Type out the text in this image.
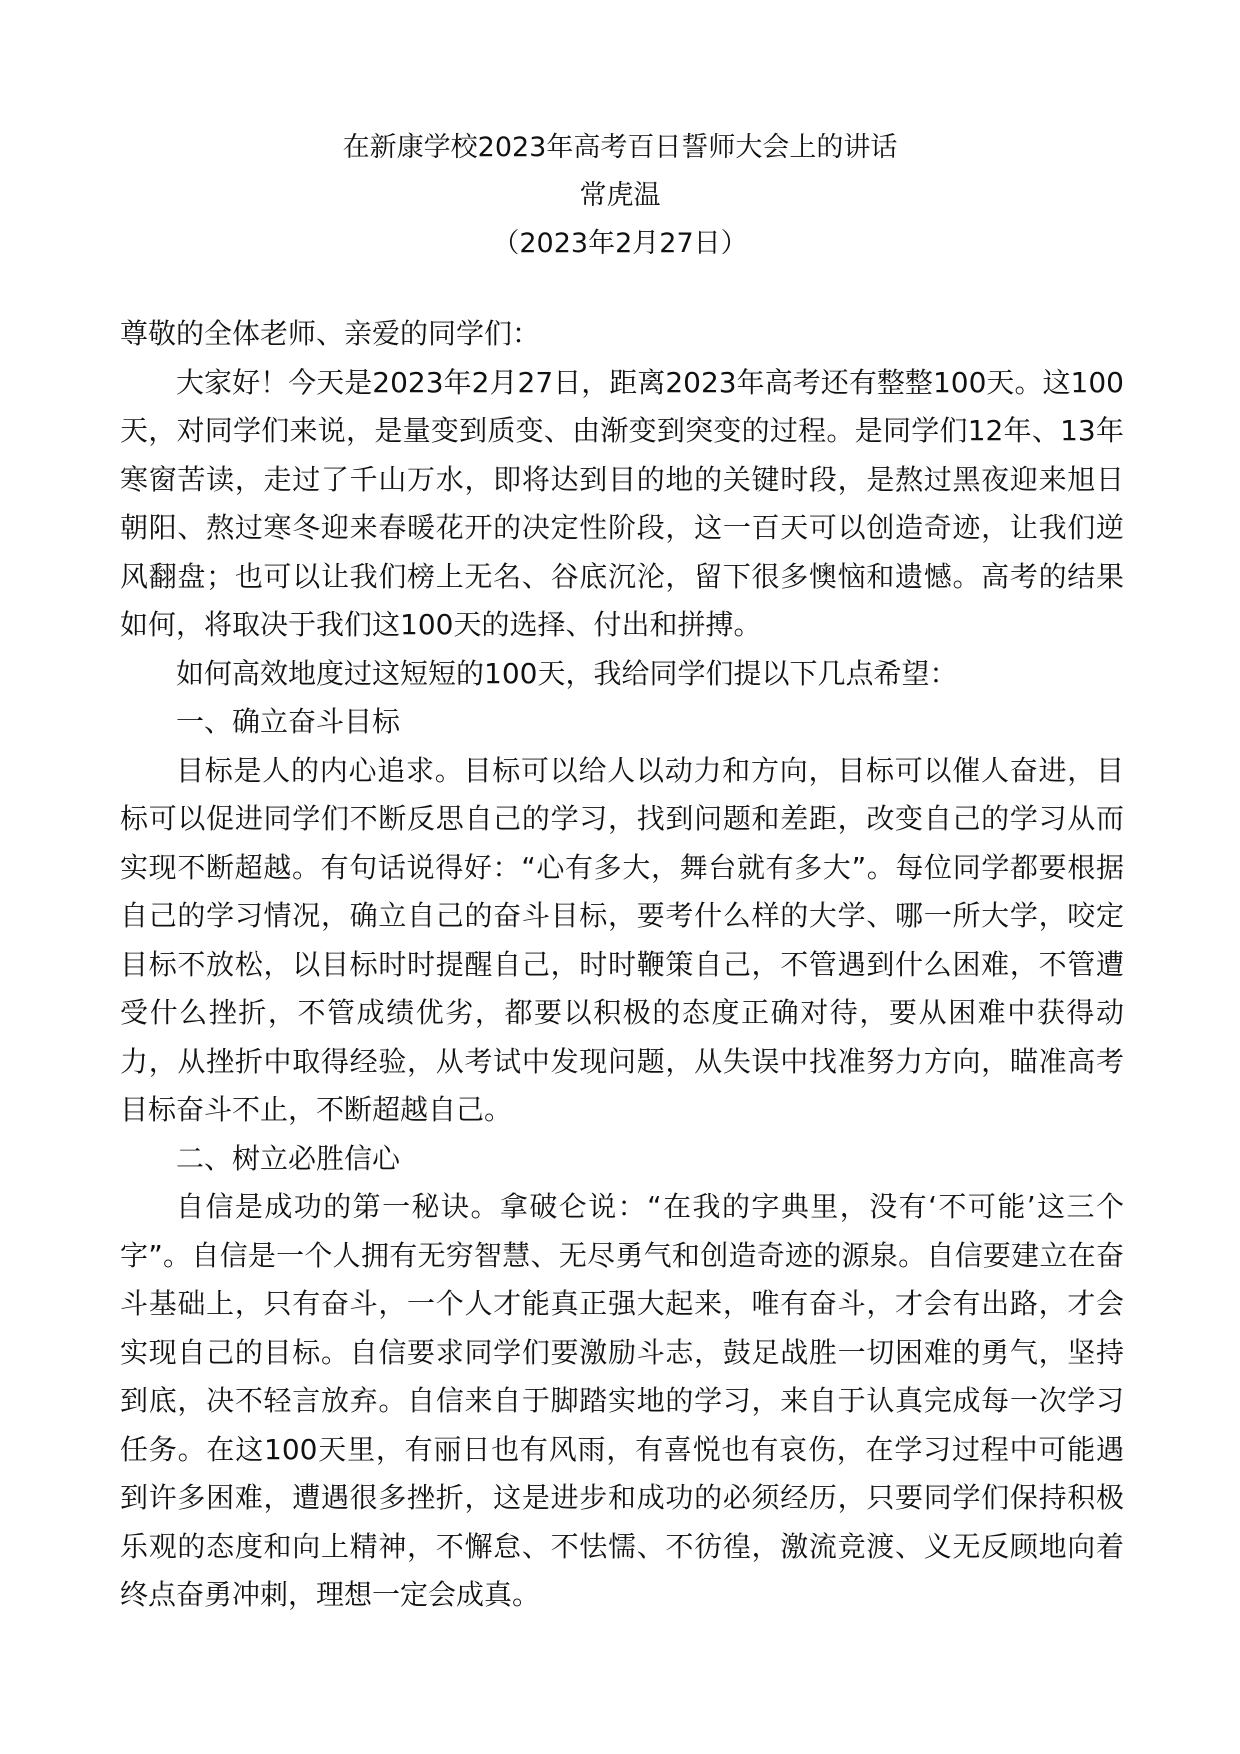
在新康学校2023年高考百日誓师大会上的讲话
常虎温
（2023年2月27日）

尊敬的全体老师、亲爱的同学们：

大家好！今天是2023年2月27日，距离2023年高考还有整整100天。这100天，对同学们来说，是量变到质变、由渐变到突变的过程。是同学们12年、13年寒窗苦读，走过了千山万水，即将达到目的地的关键时段，是熬过黑夜迎来旭日朝阳、熬过寒冬迎来春暖花开的决定性阶段，这一百天可以创造奇迹，让我们逆风翻盘；也可以让我们榜上无名、谷底沉沦，留下很多懊恼和遗憾。高考的结果如何，将取决于我们这100天的选择、付出和拼搏。

如何高效地度过这短短的100天，我给同学们提以下几点希望：

一、确立奋斗目标

目标是人的内心追求。目标可以给人以动力和方向，目标可以催人奋进，目标可以促进同学们不断反思自己的学习，找到问题和差距，改变自己的学习从而实现不断超越。有句话说得好：“心有多大，舞台就有多大”。每位同学都要根据自己的学习情况，确立自己的奋斗目标，要考什么样的大学、哪一所大学，咬定目标不放松，以目标时时提醒自己，时时鞭策自己，不管遇到什么困难，不管遭受什么挫折，不管成绩优劣，都要以积极的态度正确对待，要从困难中获得动力，从挫折中取得经验，从考试中发现问题，从失误中找准努力方向，瞄准高考目标奋斗不止，不断超越自己。

二、树立必胜信心

自信是成功的第一秘诀。拿破仑说：“在我的字典里，没有‘不可能’这三个字”。自信是一个人拥有无穷智慧、无尽勇气和创造奇迹的源泉。自信要建立在奋斗基础上，只有奋斗，一个人才能真正强大起来，唯有奋斗，才会有出路，才会实现自己的目标。自信要求同学们要激励斗志，鼓足战胜一切困难的勇气，坚持到底，决不轻言放弃。自信来自于脚踏实地的学习，来自于认真完成每一次学习任务。在这100天里，有丽日也有风雨，有喜悦也有哀伤，在学习过程中可能遇到许多困难，遭遇很多挫折，这是进步和成功的必须经历，只要同学们保持积极乐观的态度和向上精神，不懈怠、不怯懦、不彷徨，激流竞渡、义无反顾地向着终点奋勇冲刺，理想一定会成真。
